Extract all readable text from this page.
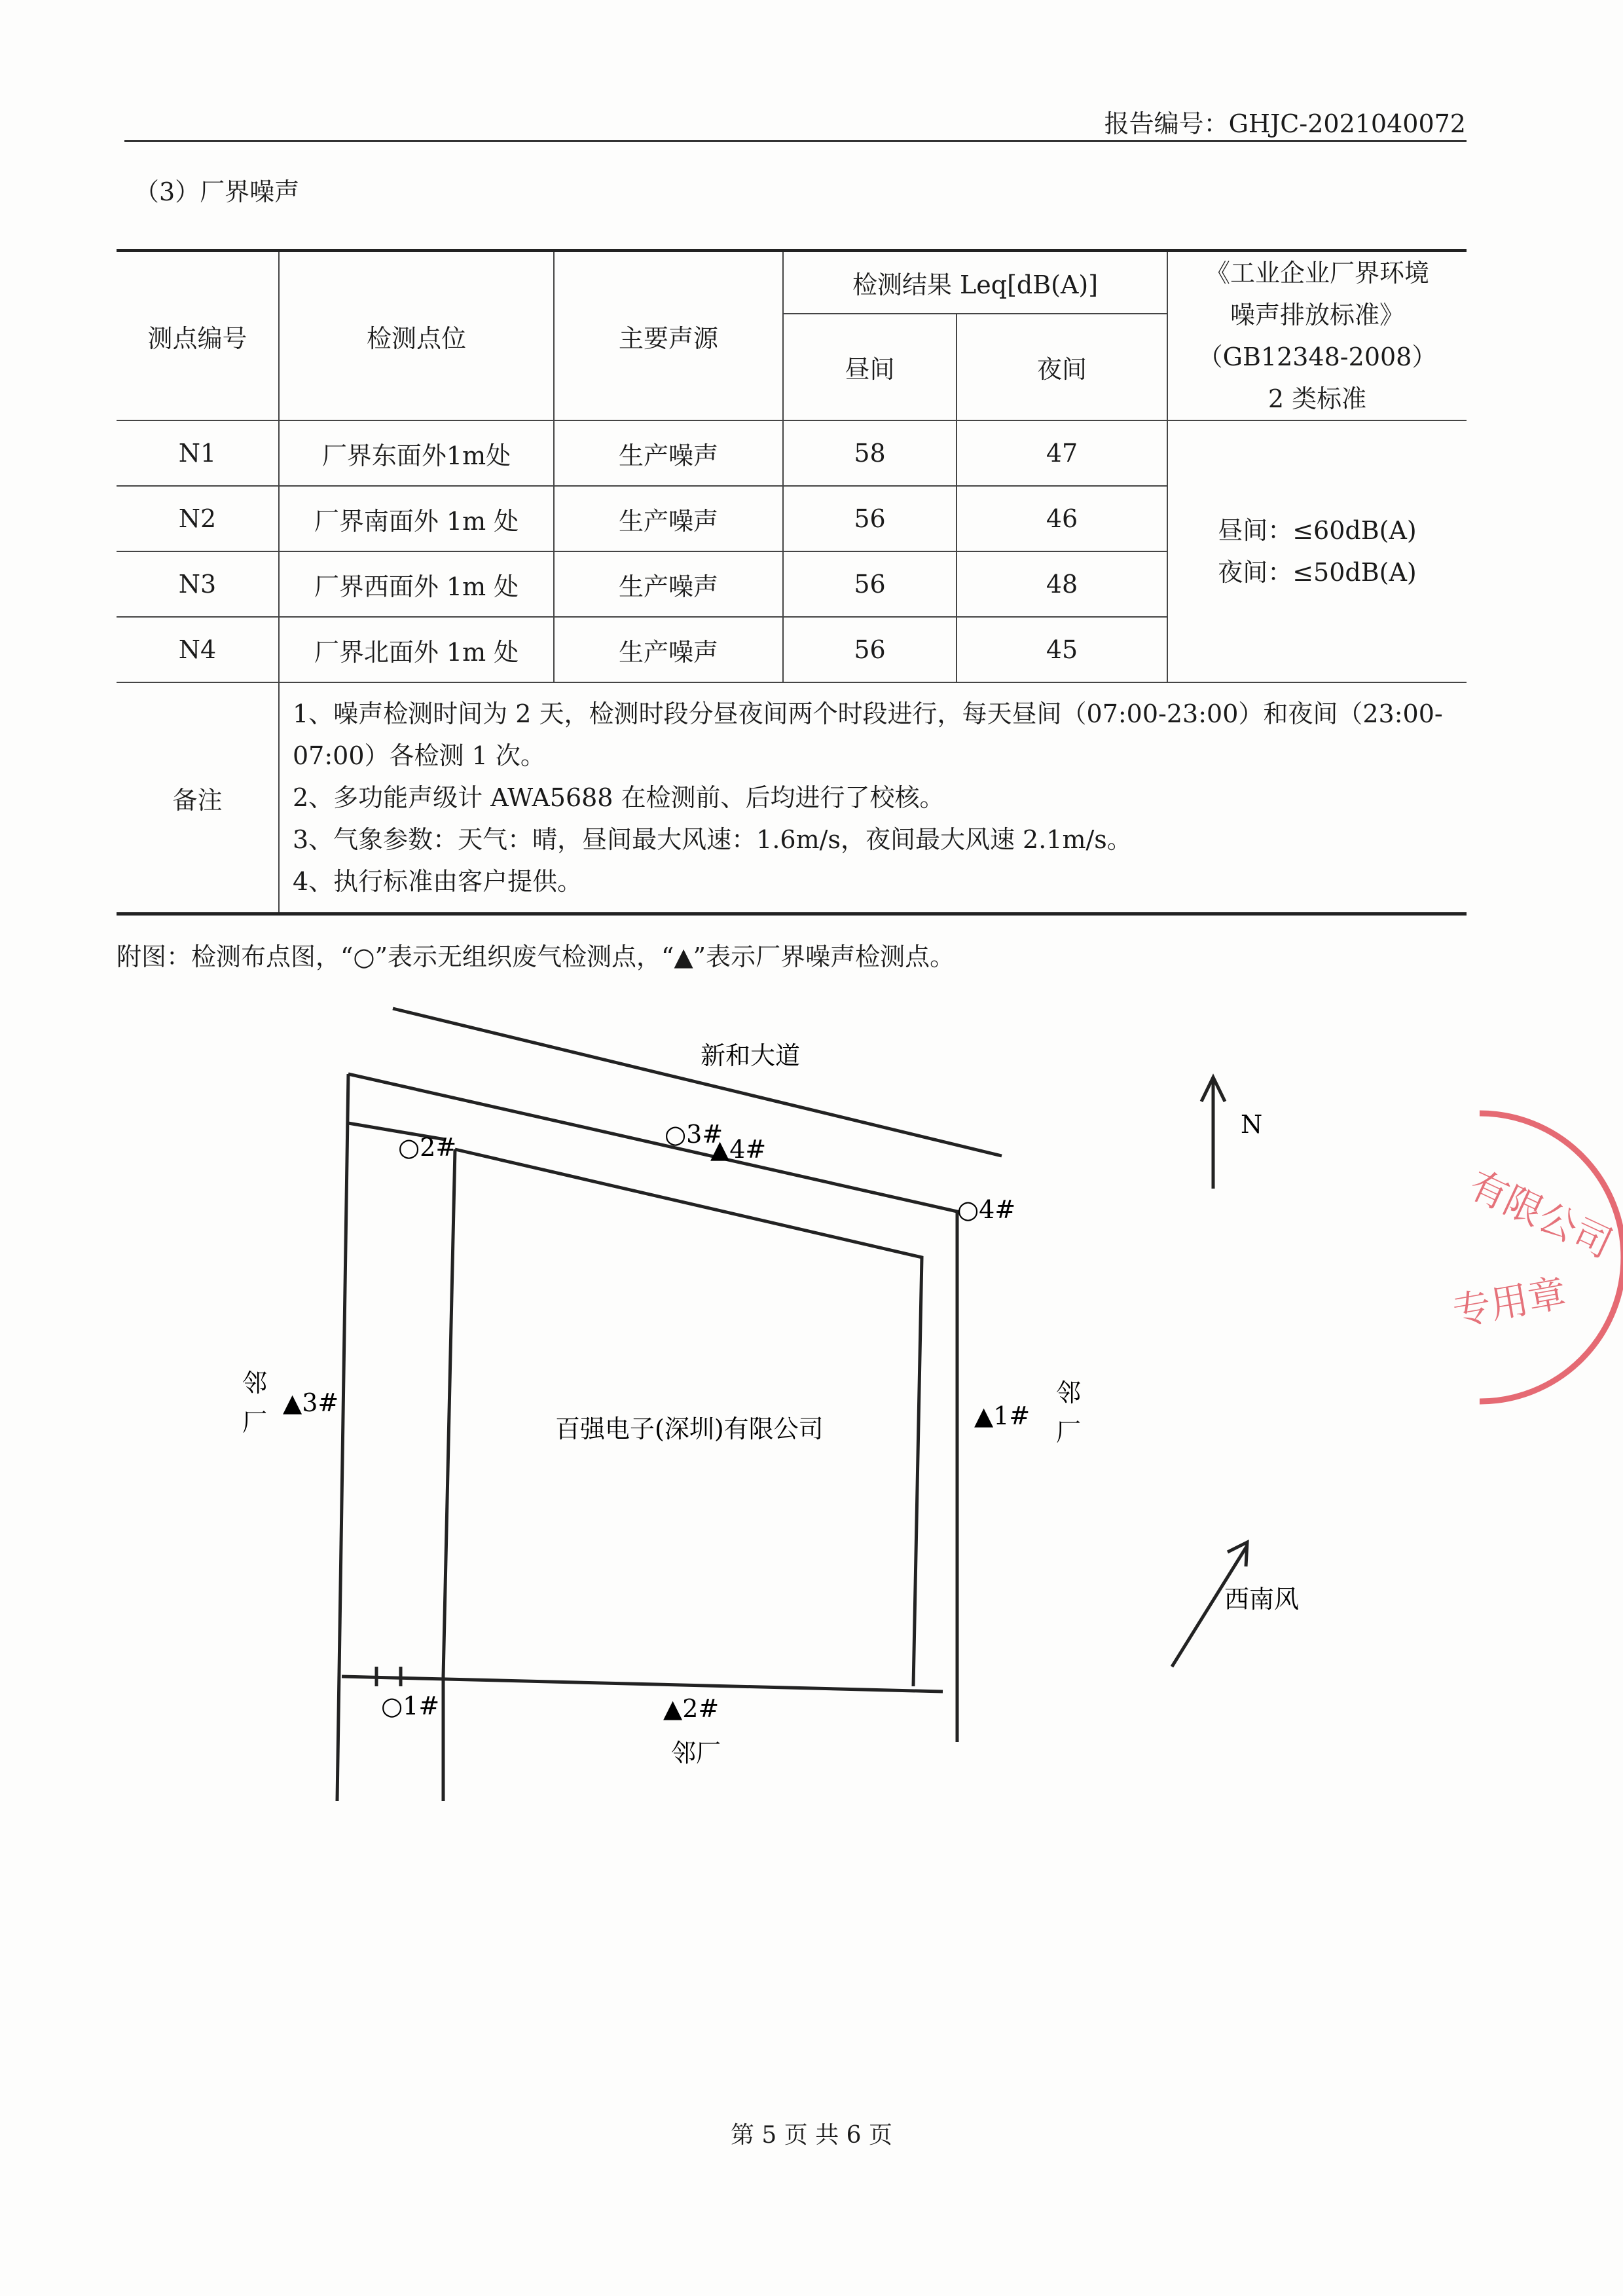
报告编号：GHJC-2021040072
（3）厂界噪声
测点编号	检测点位	主要声源	检测结果 Leq[dB(A)]		《工业企业厂界环境
噪声排放标准》
（GB12348-2008）
2 类标准

			昼间	夜间	
N1	厂界东面外1m处	生产噪声	58	47	昼间：≤60dB(A)
夜间：≤50dB(A)

N2	厂界南面外 1m 处	生产噪声	56	46	
N3	厂界西面外 1m 处	生产噪声	56	48	
N4	厂界北面外 1m 处	生产噪声	56	45	
备注	1、噪声检测时间为 2 天，检测时段分昼夜间两个时段进行，每天昼间（07:00-23:00）和夜间（23:00-07:00）各检测 1 次。
2、多功能声级计 AWA5688 在检测前、后均进行了校核。
3、气象参数：天气：晴，昼间最大风速：1.6m/s，夜间最大风速 2.1m/s。
4、执行标准由客户提供。				
附图：检测布点图，“○”表示无组织废气检测点，“▲”表示厂界噪声检测点。
新和大道
百强电子(深圳)有限公司
N
西南风
邻
厂
邻
厂
邻厂
○2#	○3#
▲4#
○4#
▲3#	▲1#
○1#	▲2#
有限公司
专用章
第 5 页 共 6 页
